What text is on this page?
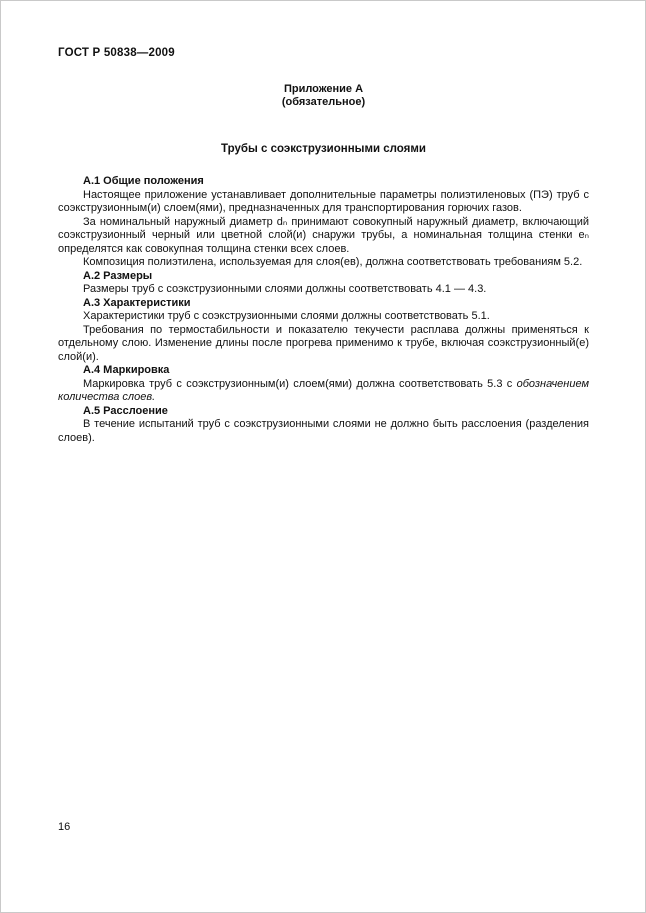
ГОСТ Р 50838—2009
Приложение А
(обязательное)
Трубы с соэкструзионными слоями
А.1 Общие положения

Настоящее приложение устанавливает дополнительные параметры полиэтиленовых (ПЭ) труб с соэкструзионным(и) слоем(ями), предназначенных для транспортирования горючих газов.

За номинальный наружный диаметр dₙ принимают совокупный наружный диаметр, включающий соэкструзионный черный или цветной слой(и) снаружи трубы, а номинальная толщина стенки eₙ определятся как совокупная толщина стенки всех слоев.

Композиция полиэтилена, используемая для слоя(ев), должна соответствовать требованиям 5.2.

А.2 Размеры

Размеры труб с соэкструзионными слоями должны соответствовать 4.1 — 4.3.

А.3 Характеристики

Характеристики труб с соэкструзионными слоями должны соответствовать 5.1.

Требования по термостабильности и показателю текучести расплава должны применяться к отдельному слою. Изменение длины после прогрева применимо к трубе, включая соэкструзионный(е) слой(и).

А.4 Маркировка

Маркировка труб с соэкструзионным(и) слоем(ями) должна соответствовать 5.3 с обозначением количества слоев.

А.5 Расслоение

В течение испытаний труб с соэкструзионными слоями не должно быть расслоения (разделения слоев).

16
